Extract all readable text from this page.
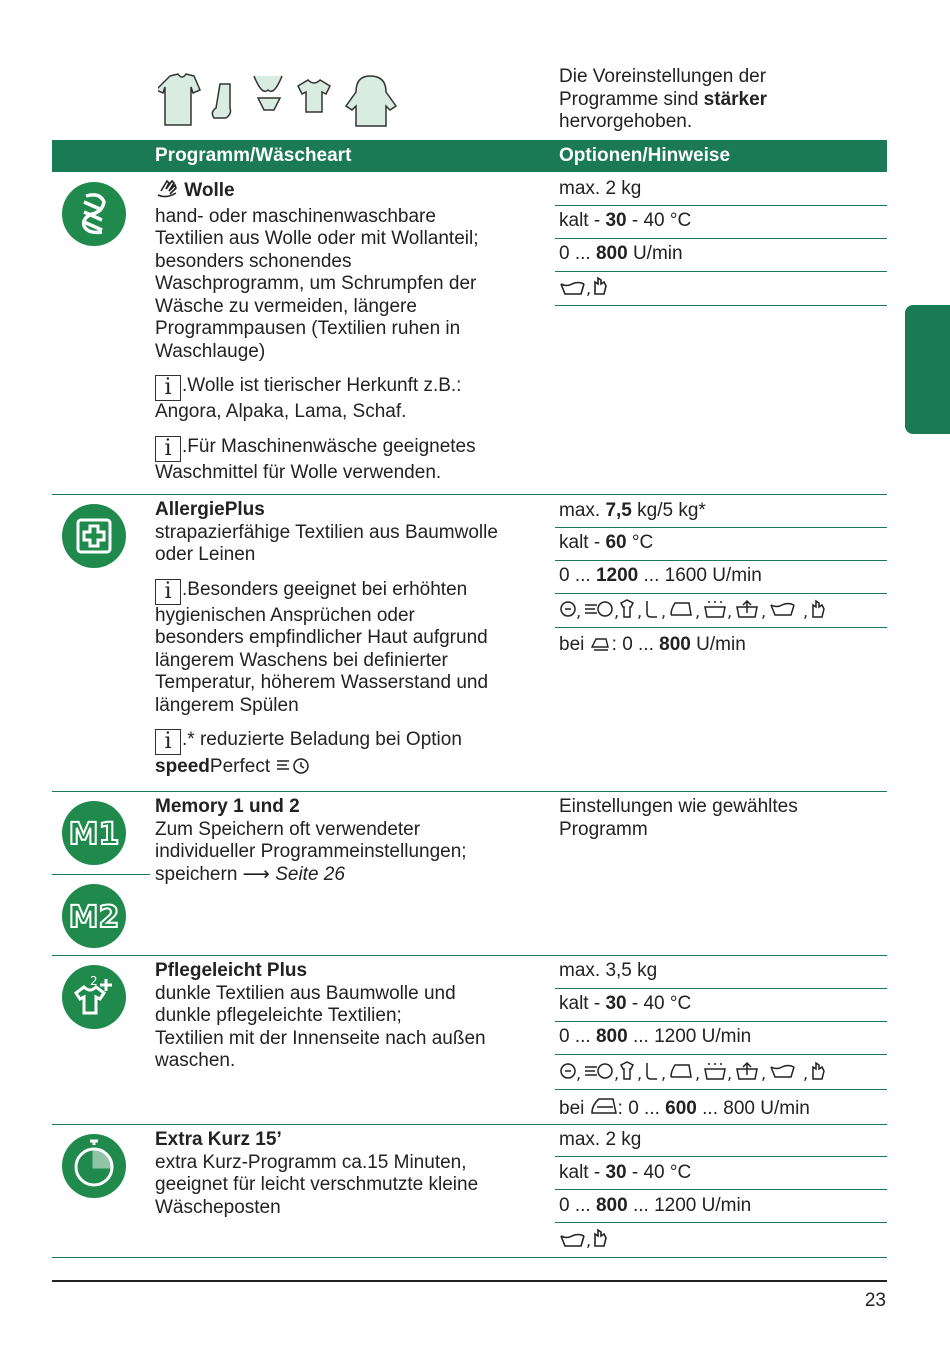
Die Voreinstellungen der
Programme sind stärker
hervorgehoben.
Programm/Wäscheart	Optionen/Hinweise
Wolle
hand- oder maschinenwaschbare
Textilien aus Wolle oder mit Wollanteil;
besonders schonendes
Waschprogramm, um Schrumpfen der
Wäsche zu vermeiden, längere
Programmpausen (Textilien ruhen in
Waschlauge)
i .Wolle ist tierischer Herkunft z.B.:
Angora, Alpaka, Lama, Schaf.
i .Für Maschinenwäsche geeignetes
Waschmittel für Wolle verwenden.
max. 2 kg
kalt - 30 - 40 °C
0 ... 800 U/min
,
AllergiePlus
strapazierfähige Textilien aus Baumwolle
oder Leinen
i .Besonders geeignet bei erhöhten
hygienischen Ansprüchen oder
besonders empfindlicher Haut aufgrund
längerem Waschens bei definierter
Temperatur, höherem Wasserstand und
längerem Spülen
i .* reduzierte Beladung bei Option
speedPerfect
max. 7,5 kg/5 kg*
kalt - 60 °C
0 ... 1200 ... 1600 U/min
, , , , , , , ,
bei : 0 ... 800 U/min
M1
M2
Memory 1 und 2
Zum Speichern oft verwendeter
individueller Programmeinstellungen;
speichern ⟶ Seite 26
Einstellungen wie gewähltes
Programm
2	Pflegeleicht Plus
dunkle Textilien aus Baumwolle und
dunkle pflegeleichte Textilien;
Textilien mit der Innenseite nach außen
waschen.
max. 3,5 kg
kalt - 30 - 40 °C
0 ... 800 ... 1200 U/min
, , , , , , , ,
bei : 0 ... 600 ... 800 U/min
Extra Kurz 15’
extra Kurz-Programm ca.15 Minuten,
geeignet für leicht verschmutzte kleine
Wäscheposten
max. 2 kg
kalt - 30 - 40 °C
0 ... 800 ... 1200 U/min
,
23
